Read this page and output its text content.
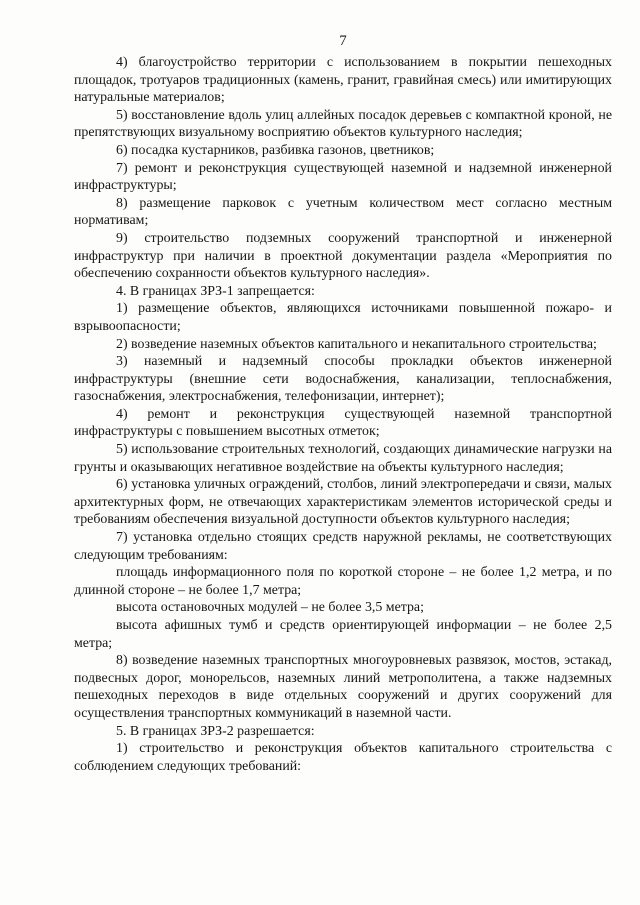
7

4) благоустройство территории с использованием в покрытии пешеходных площадок, тротуаров традиционных (камень, гранит, гравийная смесь) или имитирующих натуральные материалов;

5) восстановление вдоль улиц аллейных посадок деревьев с компактной кроной, не препятствующих визуальному восприятию объектов культурного наследия;

6) посадка кустарников, разбивка газонов, цветников;

7) ремонт и реконструкция существующей наземной и надземной инженерной инфраструктуры;

8) размещение парковок с учетным количеством мест согласно местным нормативам;

9) строительство подземных сооружений транспортной и инженерной инфраструктур при наличии в проектной документации раздела «Мероприятия по обеспечению сохранности объектов культурного наследия».

4. В границах ЗРЗ-1 запрещается:

1) размещение объектов, являющихся источниками повышенной пожаро- и взрывоопасности;

2) возведение наземных объектов капитального и некапитального строительства;

3) наземный и надземный способы прокладки объектов инженерной инфраструктуры (внешние сети водоснабжения, канализации, теплоснабжения, газоснабжения, электроснабжения, телефонизации, интернет);

4) ремонт и реконструкция существующей наземной транспортной инфраструктуры с повышением высотных отметок;

5) использование строительных технологий, создающих динамические нагрузки на грунты и оказывающих негативное воздействие на объекты культурного наследия;

6) установка уличных ограждений, столбов, линий электропередачи и связи, малых архитектурных форм, не отвечающих характеристикам элементов исторической среды и требованиям обеспечения визуальной доступности объектов культурного наследия;

7) установка отдельно стоящих средств наружной рекламы, не соответствующих следующим требованиям:

площадь информационного поля по короткой стороне – не более 1,2 метра, и по длинной стороне – не более 1,7 метра;

высота остановочных модулей – не более 3,5 метра;

высота афишных тумб и средств ориентирующей информации – не более 2,5 метра;

8) возведение наземных транспортных многоуровневых развязок, мостов, эстакад, подвесных дорог, монорельсов, наземных линий метрополитена, а также надземных пешеходных переходов в виде отдельных сооружений и других сооружений для осуществления транспортных коммуникаций в наземной части.

5. В границах ЗРЗ-2 разрешается:

1) строительство и реконструкция объектов капитального строительства с соблюдением следующих требований:
